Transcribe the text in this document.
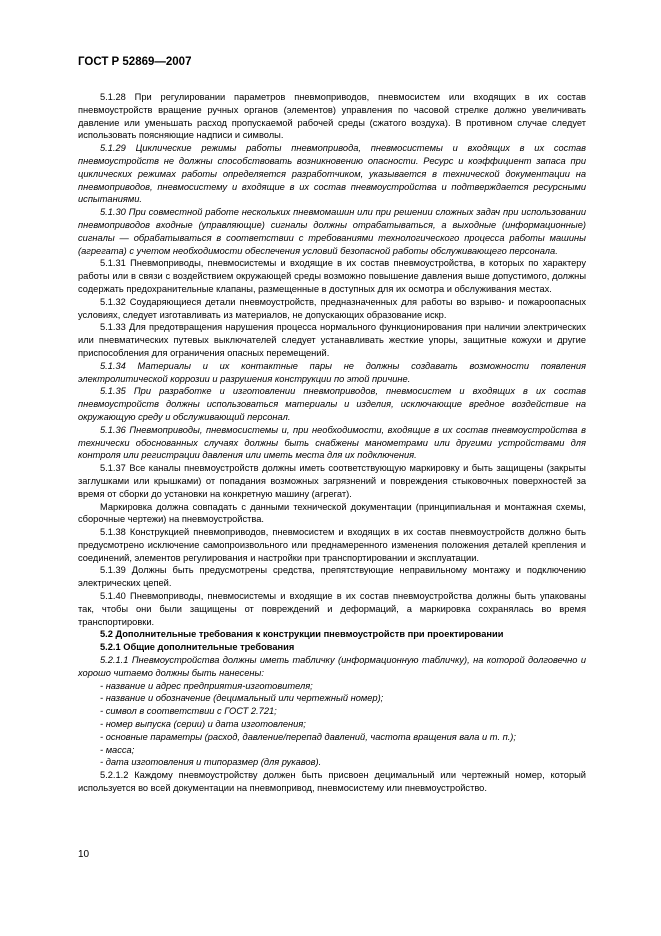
ГОСТ Р 52869—2007

5.1.28 При регулировании параметров пневмоприводов, пневмосистем или входящих в их состав пневмоустройств вращение ручных органов (элементов) управления по часовой стрелке должно увеличивать давление или уменьшать расход пропускаемой рабочей среды (сжатого воздуха). В противном случае следует использовать поясняющие надписи и символы.

5.1.29 Циклические режимы работы пневмопривода, пневмосистемы и входящих в их состав пневмоустройств не должны способствовать возникновению опасности. Ресурс и коэффициент запаса при циклических режимах работы определяется разработчиком, указывается в технической документации на пневмоприводов, пневмосистему и входящие в их состав пневмоустройства и подтверждается ресурсными испытаниями.

5.1.30 При совместной работе нескольких пневмомашин или при решении сложных задач при использовании пневмоприводов входные (управляющие) сигналы должны отрабатываться, а выходные (информационные) сигналы — обрабатываться в соответствии с требованиями технологического процесса работы машины (агрегата) с учетом необходимости обеспечения условий безопасной работы обслуживающего персонала.

5.1.31 Пневмоприводы, пневмосистемы и входящие в их состав пневмоустройства, в которых по характеру работы или в связи с воздействием окружающей среды возможно повышение давления выше допустимого, должны содержать предохранительные клапаны, размещенные в доступных для их осмотра и обслуживания местах.

5.1.32 Соударяющиеся детали пневмоустройств, предназначенных для работы во взрыво- и пожароопасных условиях, следует изготавливать из материалов, не допускающих образование искр.

5.1.33 Для предотвращения нарушения процесса нормального функционирования при наличии электрических или пневматических путевых выключателей следует устанавливать жесткие упоры, защитные кожухи и другие приспособления для ограничения опасных перемещений.

5.1.34 Материалы и их контактные пары не должны создавать возможности появления электролитической коррозии и разрушения конструкции по этой причине.

5.1.35 При разработке и изготовлении пневмоприводов, пневмосистем и входящих в их состав пневмоустройств должны использоваться материалы и изделия, исключающие вредное воздействие на окружающую среду и обслуживающий персонал.

5.1.36 Пневмоприводы, пневмосистемы и, при необходимости, входящие в их состав пневмоустройства в технически обоснованных случаях должны быть снабжены манометрами или другими устройствами для контроля или регистрации давления или иметь места для их подключения.

5.1.37 Все каналы пневмоустройств должны иметь соответствующую маркировку и быть защищены (закрыты заглушками или крышками) от попадания возможных загрязнений и повреждения стыковочных поверхностей за время от сборки до установки на конкретную машину (агрегат).

Маркировка должна совпадать с данными технической документации (принципиальная и монтажная схемы, сборочные чертежи) на пневмоустройства.

5.1.38 Конструкцией пневмоприводов, пневмосистем и входящих в их состав пневмоустройств должно быть предусмотрено исключение самопроизвольного или преднамеренного изменения положения деталей крепления и соединений, элементов регулирования и настройки при транспортировании и эксплуатации.

5.1.39 Должны быть предусмотрены средства, препятствующие неправильному монтажу и подключению электрических цепей.

5.1.40 Пневмоприводы, пневмосистемы и входящие в их состав пневмоустройства должны быть упакованы так, чтобы они были защищены от повреждений и деформаций, а маркировка сохранялась во время транспортировки.

5.2 Дополнительные требования к конструкции пневмоустройств при проектировании

5.2.1 Общие дополнительные требования

5.2.1.1 Пневмоустройства должны иметь табличку (информационную табличку), на которой долговечно и хорошо читаемо должны быть нанесены:

- название и адрес предприятия-изготовителя;
- название и обозначение (децимальный или чертежный номер);
- символ в соответствии с ГОСТ 2.721;
- номер выпуска (серии) и дата изготовления;
- основные параметры (расход, давление/перепад давлений, частота вращения вала и т. п.);
- масса;
- дата изготовления и типоразмер (для рукавов).

5.2.1.2 Каждому пневмоустройству должен быть присвоен децимальный или чертежный номер, который используется во всей документации на пневмопривод, пневмосистему или пневмоустройство.

10
